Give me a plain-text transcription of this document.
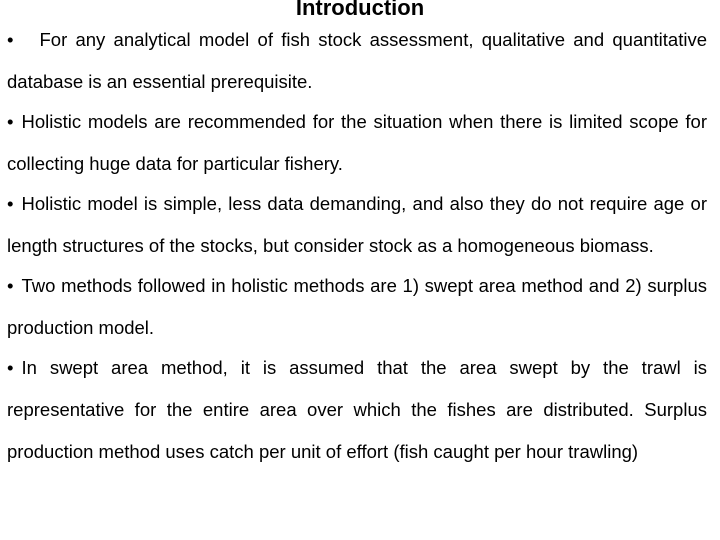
Introduction

• For any analytical model of fish stock assessment, qualitative and quantitative database is an essential prerequisite.

• Holistic models are recommended for the situation when there is limited scope for collecting huge data for particular fishery.

• Holistic model is simple, less data demanding, and also they do not require age or length structures of the stocks, but consider stock as a homogeneous biomass.

• Two methods followed in holistic methods are 1) swept area method and 2) surplus production model.

• In swept area method, it is assumed that the area swept by the trawl is representative for the entire area over which the fishes are distributed. Surplus production method uses catch per unit of effort (fish caught per hour trawling)
